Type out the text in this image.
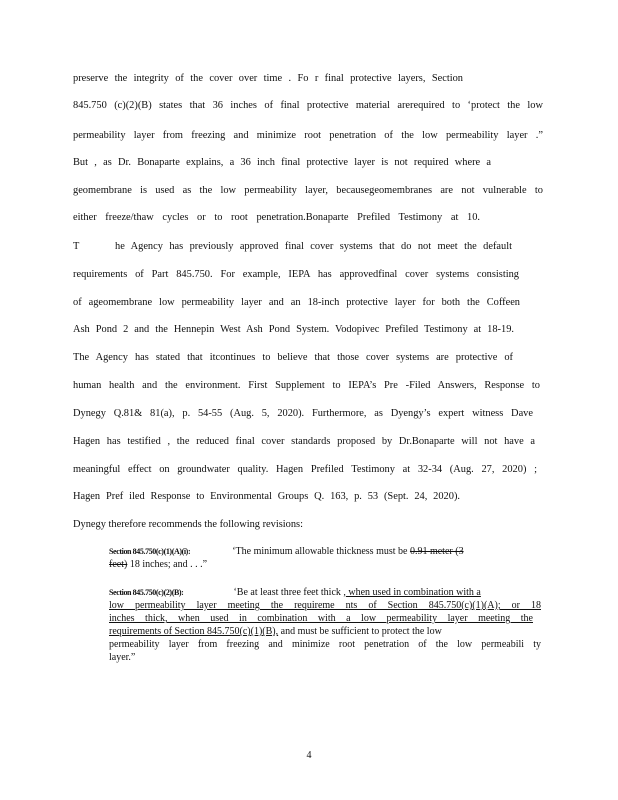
preserve the integrity of the cover over time . Fo r final protective layers, Section
845.750 (c)(2)(B) states that 36 inches of final protective material arerequired to ‘protect the low
permeability layer from freezing and minimize root penetration of the low permeability layer .”
But , as Dr. Bonaparte explains, a 36 inch final protective layer is not required where a
geomembrane is used as the low permeability layer, becausegeomembranes are not vulnerable to
either freeze/thaw cycles or to root penetration.Bonaparte Prefiled Testimony at 10.
T	he Agency has previously approved final cover systems that do not meet the default
requirements of Part 845.750. For example, IEPA has approvedfinal cover systems consisting
of ageomembrane low permeability layer and an 18-inch protective layer for both the Coffeen
Ash Pond 2 and the Hennepin West Ash Pond System. Vodopivec Prefiled Testimony at 18-19.
The Agency has stated that itcontinues to believe that those cover systems are protective of
human health and the environment. First Supplement to IEPA’s Pre -Filed Answers, Response to
Dynegy Q.81& 81(a), p. 54-55 (Aug. 5, 2020). Furthermore, as Dyengy’s expert witness Dave
Hagen has testified , the reduced final cover standards proposed by Dr.Bonaparte will not have a
meaningful effect on groundwater quality. Hagen Prefiled Testimony at 32-34 (Aug. 27, 2020) ;
Hagen Pref iled Response to Environmental Groups Q. 163, p. 53 (Sept. 24, 2020).
Dynegy therefore recommends the following revisions:
Section 845.750(c)(1)(A)(i):	‘The minimum allowable thickness must be 0.91 meter (3
feet) 18 inches; and . . .”
Section 845.750(c)(2)(B):	‘Be at least three feet thick , when used in combination with a
low permeability layer meeting the requireme nts of Section 845.750(c)(1)(A); or 18
inches thick, when used in combination with a low permeability layer meeting the
requirements of Section 845.750(c)(1)(B), and must be sufficient to protect the low
permeability layer from freezing and minimize root penetration of the low permeabili ty
layer.”
4
